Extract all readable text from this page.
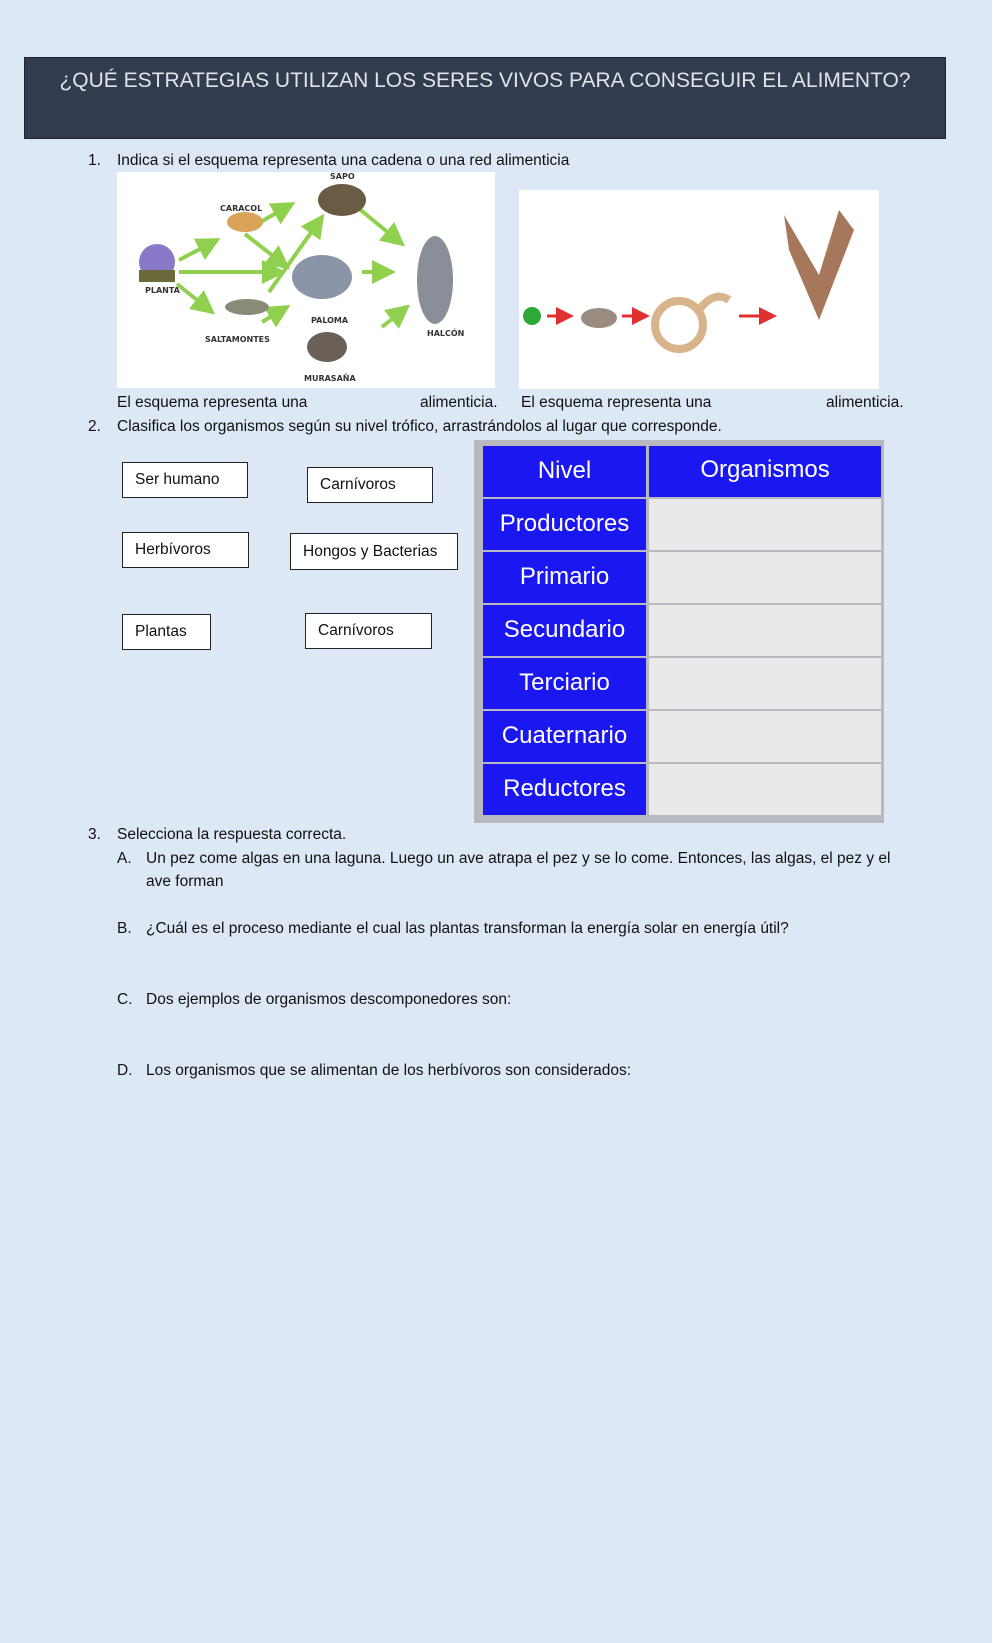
¿QUÉ ESTRATEGIAS UTILIZAN LOS SERES VIVOS PARA CONSEGUIR EL ALIMENTO?
1. Indica si el esquema representa una cadena o una red alimenticia
SAPO
CARACOL
PLANTA
PALOMA
SALTAMONTES
HALCÓN
MURASAÑA
El esquema representa una	alimenticia. El esquema representa una	alimenticia.
2. Clasifica los organismos según su nivel trófico, arrastrándolos al lugar que corresponde.
Ser humano	Carnívoros
Herbívoros	Hongos y Bacterias
Plantas	Carnívoros
Nivel	Organismos
Productores
Primario
Secundario
Terciario
Cuaternario
Reductores
3. Selecciona la respuesta correcta.
A. Un pez come algas en una laguna. Luego un ave atrapa el pez y se lo come. Entonces, las algas, el pez y el
ave forman
B. ¿Cuál es el proceso mediante el cual las plantas transforman la energía solar en energía útil?
C. Dos ejemplos de organismos descomponedores son:
D. Los organismos que se alimentan de los herbívoros son considerados:
